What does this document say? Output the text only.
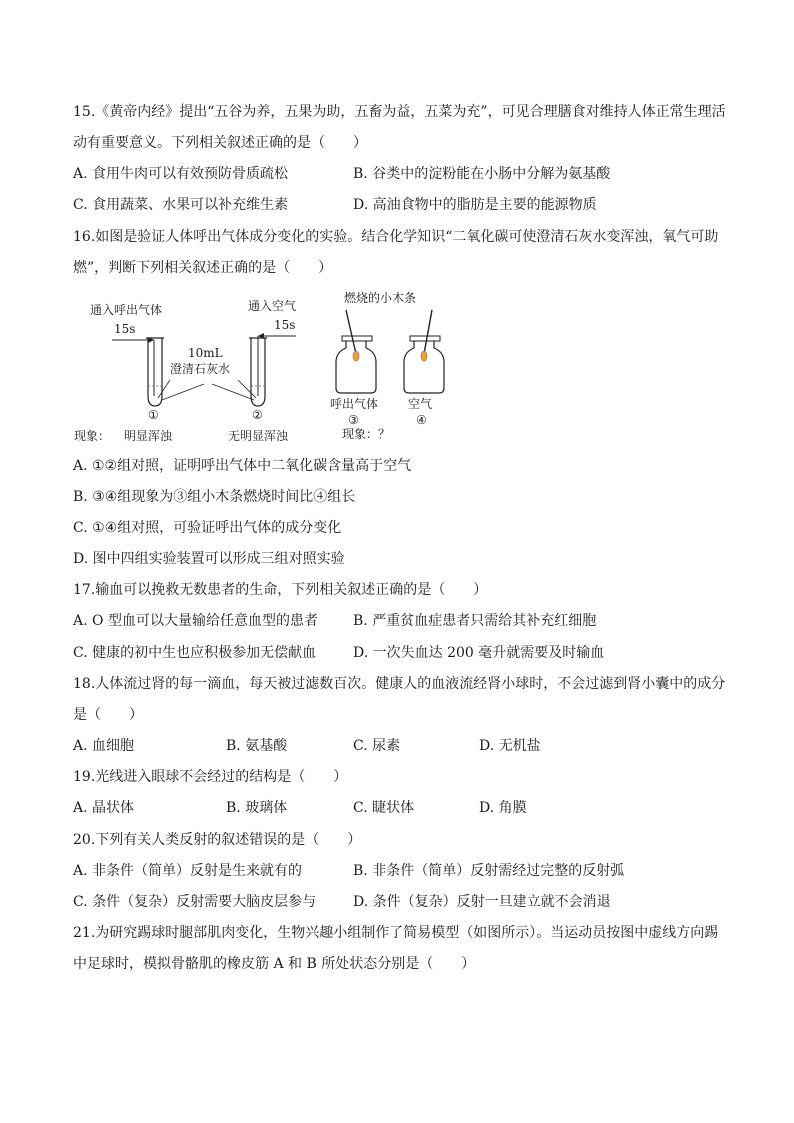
15.《黄帝内经》提出“五谷为养，五果为助，五畜为益，五菜为充”，可见合理膳食对维持人体正常生理活
动有重要意义。下列相关叙述正确的是（　　）
A. 食用牛肉可以有效预防骨质疏松	B. 谷类中的淀粉能在小肠中分解为氨基酸
C. 食用蔬菜、水果可以补充维生素	D. 高油食物中的脂肪是主要的能源物质
16.如图是验证人体呼出气体成分变化的实验。结合化学知识“二氧化碳可使澄清石灰水变浑浊，氧气可助
燃”，判断下列相关叙述正确的是（　　）
通入呼出气体	通入空气
15s	15s
10mL
澄清石灰水
①	②
现象： 明显浑浊	无明显浑浊
燃烧的小木条
呼出气体 空气
③	④
现象：？
A. ①②组对照，证明呼出气体中二氧化碳含量高于空气
B. ③④组现象为③组小木条燃烧时间比④组长
C. ①④组对照，可验证呼出气体的成分变化
D. 图中四组实验装置可以形成三组对照实验
17.输血可以挽救无数患者的生命，下列相关叙述正确的是（　　）
A. O 型血可以大量输给任意血型的患者	B. 严重贫血症患者只需给其补充红细胞
C. 健康的初中生也应积极参加无偿献血	D. 一次失血达 200 毫升就需要及时输血
18.人体流过肾的每一滴血，每天被过滤数百次。健康人的血液流经肾小球时，不会过滤到肾小囊中的成分
是（　　）
A. 血细胞	B. 氨基酸	C. 尿素	D. 无机盐
19.光线进入眼球不会经过的结构是（　　）
A. 晶状体	B. 玻璃体	C. 睫状体	D. 角膜
20.下列有关人类反射的叙述错误的是（　　）
A. 非条件（简单）反射是生来就有的	B. 非条件（简单）反射需经过完整的反射弧
C. 条件（复杂）反射需要大脑皮层参与	D. 条件（复杂）反射一旦建立就不会消退
21.为研究踢球时腿部肌肉变化，生物兴趣小组制作了简易模型（如图所示）。当运动员按图中虚线方向踢
中足球时，模拟骨骼肌的橡皮筋 A 和 B 所处状态分别是（　　）
